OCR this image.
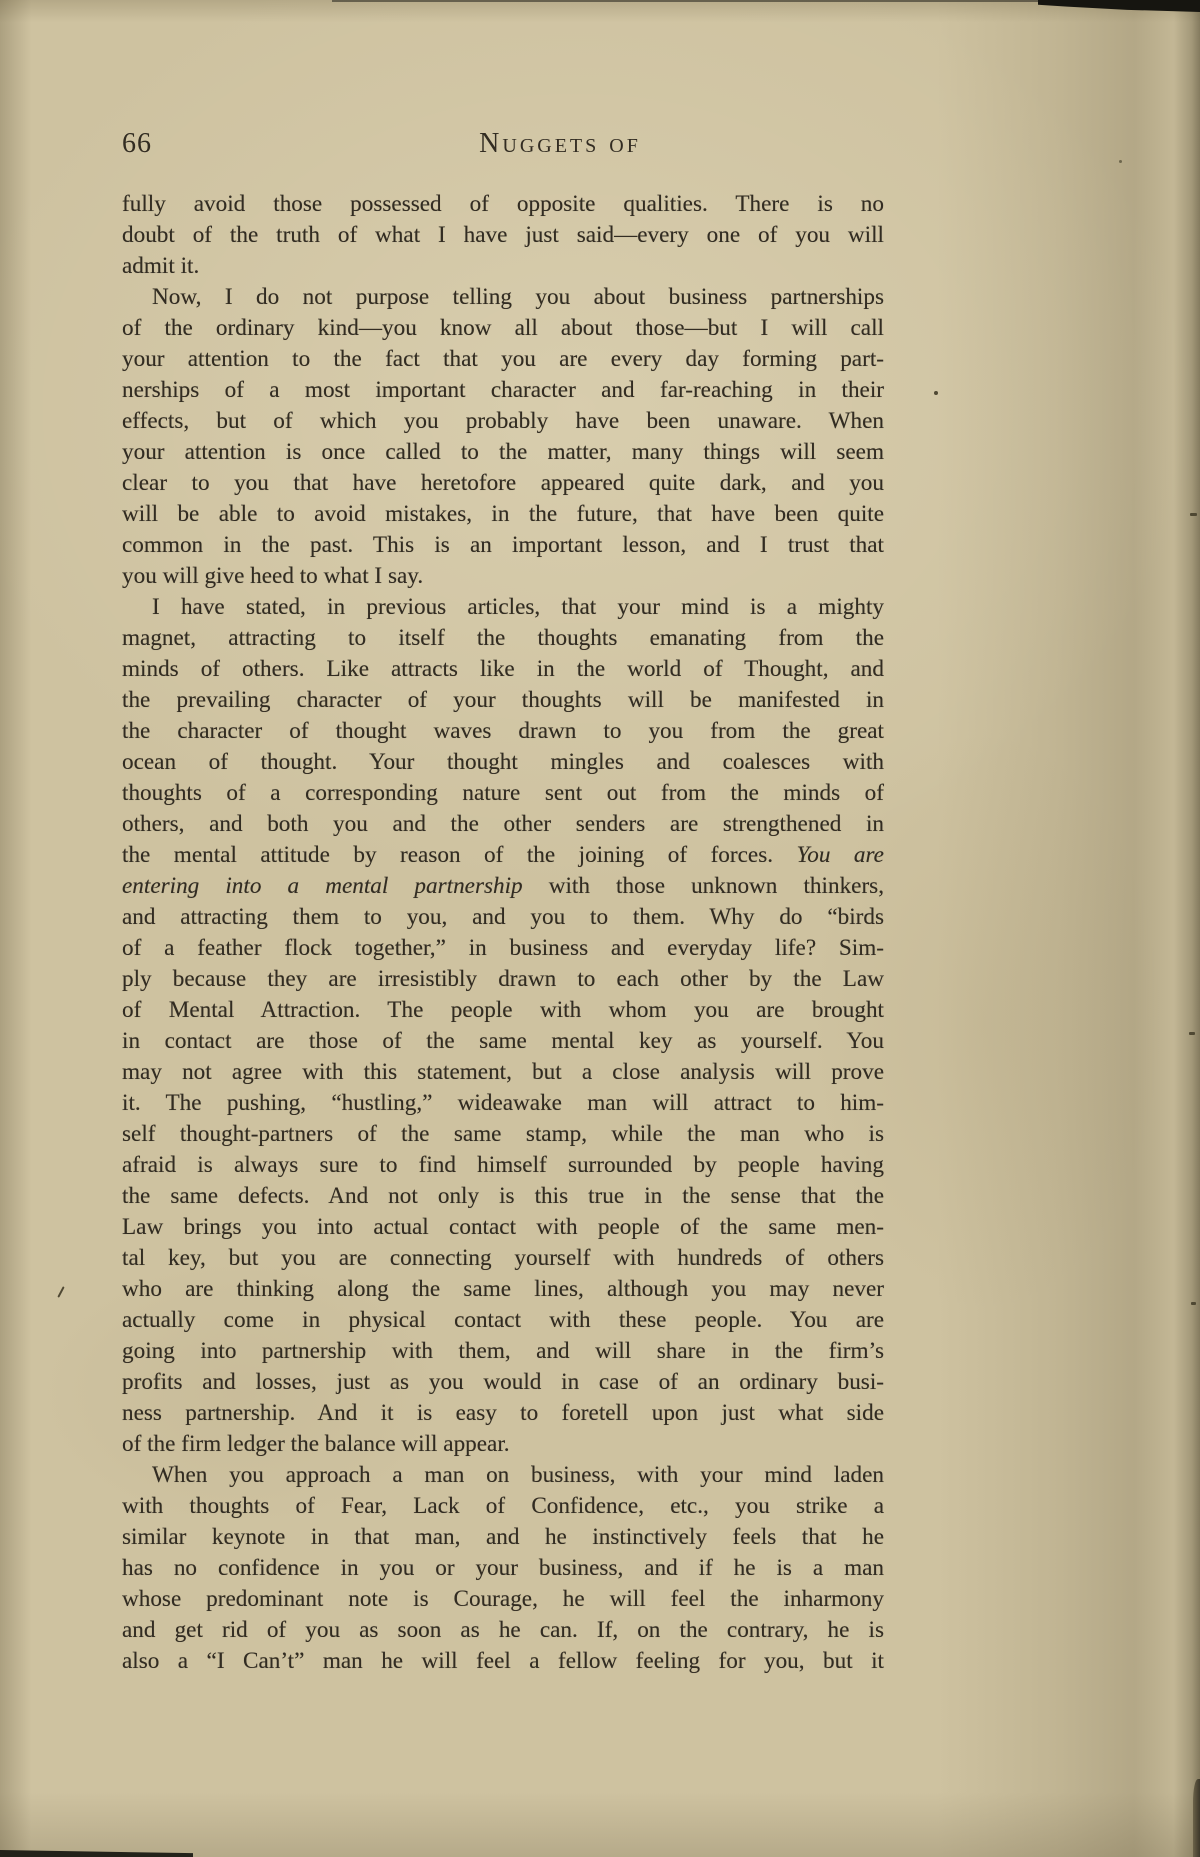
66	Nuggets of
fully avoid those possessed of opposite qualities. There is no
doubt of the truth of what I have just said—every one of you will
admit it.
Now, I do not purpose telling you about business partnerships
of the ordinary kind—you know all about those—but I will call
your attention to the fact that you are every day forming part-
nerships of a most important character and far-reaching in their
effects, but of which you probably have been unaware. When
your attention is once called to the matter, many things will seem
clear to you that have heretofore appeared quite dark, and you
will be able to avoid mistakes, in the future, that have been quite
common in the past. This is an important lesson, and I trust that
you will give heed to what I say.
I have stated, in previous articles, that your mind is a mighty
magnet, attracting to itself the thoughts emanating from the
minds of others. Like attracts like in the world of Thought, and
the prevailing character of your thoughts will be manifested in
the character of thought waves drawn to you from the great
ocean of thought. Your thought mingles and coalesces with
thoughts of a corresponding nature sent out from the minds of
others, and both you and the other senders are strengthened in
the mental attitude by reason of the joining of forces. You are
entering into a mental partnership with those unknown thinkers,
and attracting them to you, and you to them. Why do “birds
of a feather flock together,” in business and everyday life? Sim-
ply because they are irresistibly drawn to each other by the Law
of Mental Attraction. The people with whom you are brought
in contact are those of the same mental key as yourself. You
may not agree with this statement, but a close analysis will prove
it. The pushing, “hustling,” wideawake man will attract to him-
self thought-partners of the same stamp, while the man who is
afraid is always sure to find himself surrounded by people having
the same defects. And not only is this true in the sense that the
Law brings you into actual contact with people of the same men-
tal key, but you are connecting yourself with hundreds of others
who are thinking along the same lines, although you may never
actually come in physical contact with these people. You are
going into partnership with them, and will share in the firm’s
profits and losses, just as you would in case of an ordinary busi-
ness partnership. And it is easy to foretell upon just what side
of the firm ledger the balance will appear.
When you approach a man on business, with your mind laden
with thoughts of Fear, Lack of Confidence, etc., you strike a
similar keynote in that man, and he instinctively feels that he
has no confidence in you or your business, and if he is a man
whose predominant note is Courage, he will feel the inharmony
and get rid of you as soon as he can. If, on the contrary, he is
also a “I Can’t” man he will feel a fellow feeling for you, but it
